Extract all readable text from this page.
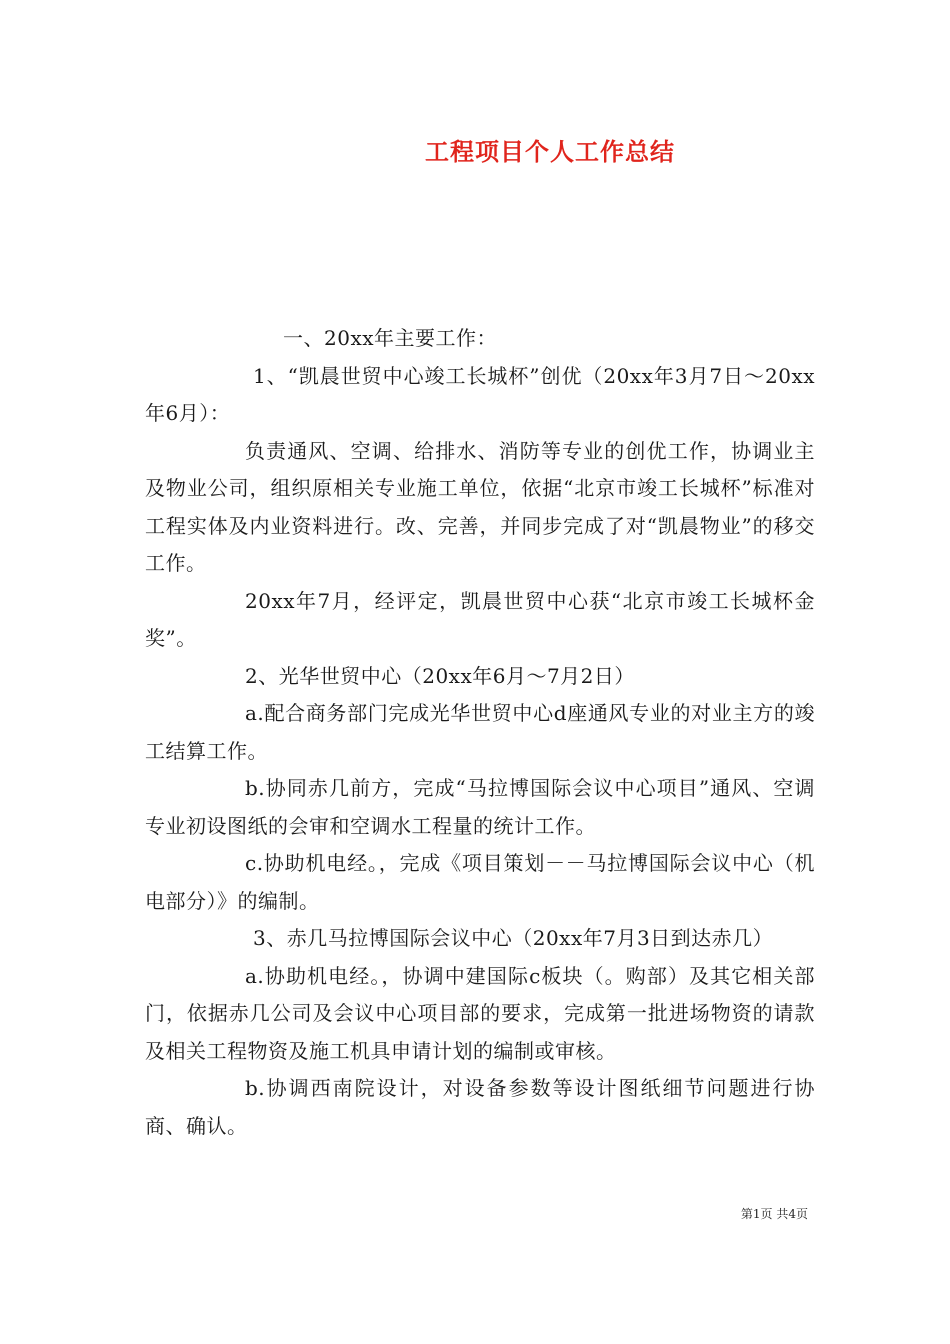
工程项目个人工作总结

一、20xx年主要工作：

1、“凯晨世贸中心竣工长城杯”创优（20xx年3月7日～20xx年6月）：

负责通风、空调、给排水、消防等专业的创优工作，协调业主及物业公司，组织原相关专业施工单位，依据“北京市竣工长城杯”标准对工程实体及内业资料进行。改、完善，并同步完成了对“凯晨物业”的移交工作。

20xx年7月，经评定，凯晨世贸中心获“北京市竣工长城杯金奖”。

2、光华世贸中心（20xx年6月～7月2日）

a.配合商务部门完成光华世贸中心d座通风专业的对业主方的竣工结算工作。

b.协同赤几前方，完成“马拉博国际会议中心项目”通风、空调专业初设图纸的会审和空调水工程量的统计工作。

c.协助机电经。，完成《项目策划－－马拉博国际会议中心（机电部分）》的编制。

3、赤几马拉博国际会议中心（20xx年7月3日到达赤几）

a.协助机电经。，协调中建国际c板块（。购部）及其它相关部门，依据赤几公司及会议中心项目部的要求，完成第一批进场物资的请款及相关工程物资及施工机具申请计划的编制或审核。

b.协调西南院设计，对设备参数等设计图纸细节问题进行协商、确认。

第1页 共4页
